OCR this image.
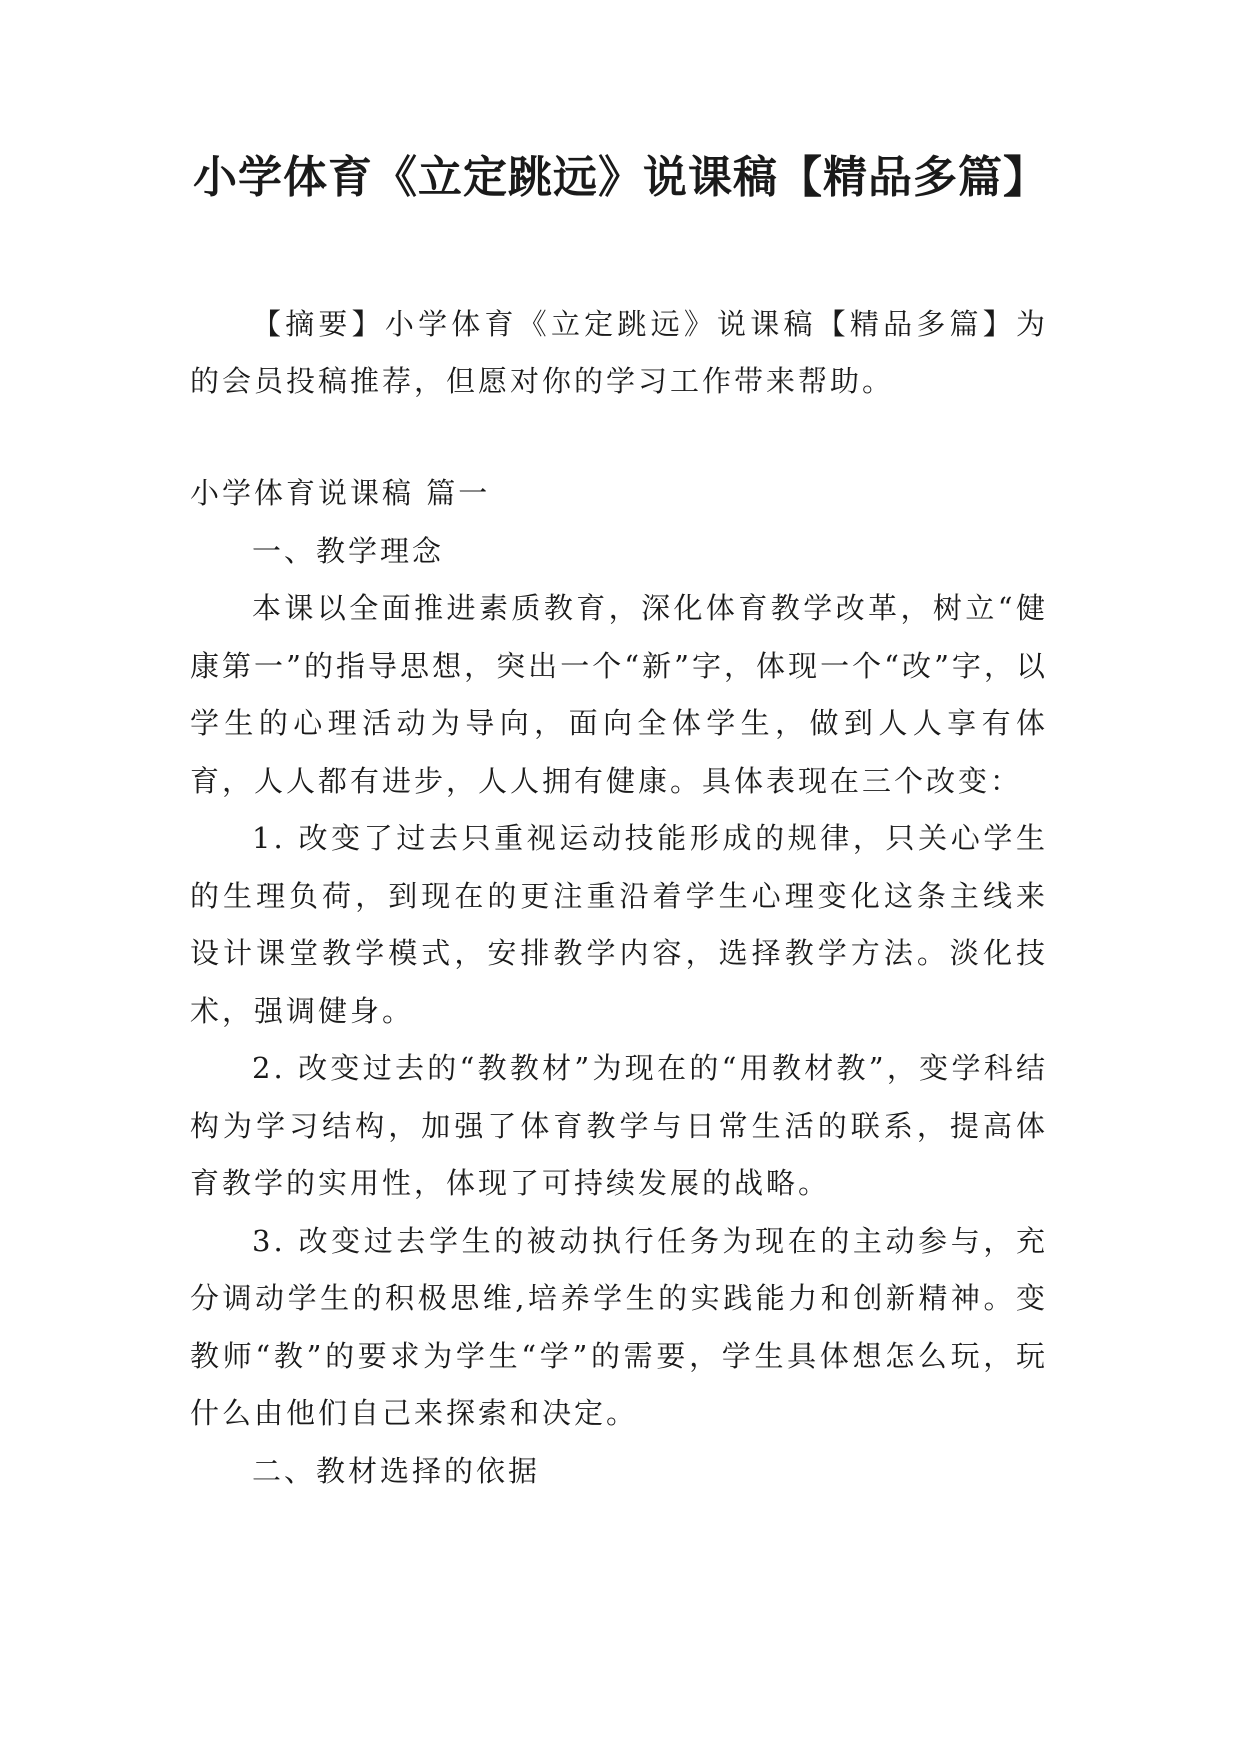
小学体育《立定跳远》说课稿【精品多篇】

【摘要】小学体育《立定跳远》说课稿【精品多篇】为的会员投稿推荐，但愿对你的学习工作带来帮助。

小学体育说课稿 篇一

一、教学理念

本课以全面推进素质教育，深化体育教学改革，树立“健康第一”的指导思想，突出一个“新”字，体现一个“改”字，以学生的心理活动为导向，面向全体学生，做到人人享有体育，人人都有进步，人人拥有健康。具体表现在三个改变：

1. 改变了过去只重视运动技能形成的规律，只关心学生的生理负荷，到现在的更注重沿着学生心理变化这条主线来设计课堂教学模式，安排教学内容，选择教学方法。淡化技术，强调健身。

2. 改变过去的“教教材”为现在的“用教材教”，变学科结构为学习结构，加强了体育教学与日常生活的联系，提高体育教学的实用性，体现了可持续发展的战略。

3. 改变过去学生的被动执行任务为现在的主动参与，充分调动学生的积极思维,培养学生的实践能力和创新精神。变教师“教”的要求为学生“学”的需要，学生具体想怎么玩，玩什么由他们自己来探索和决定。

二、教材选择的依据
